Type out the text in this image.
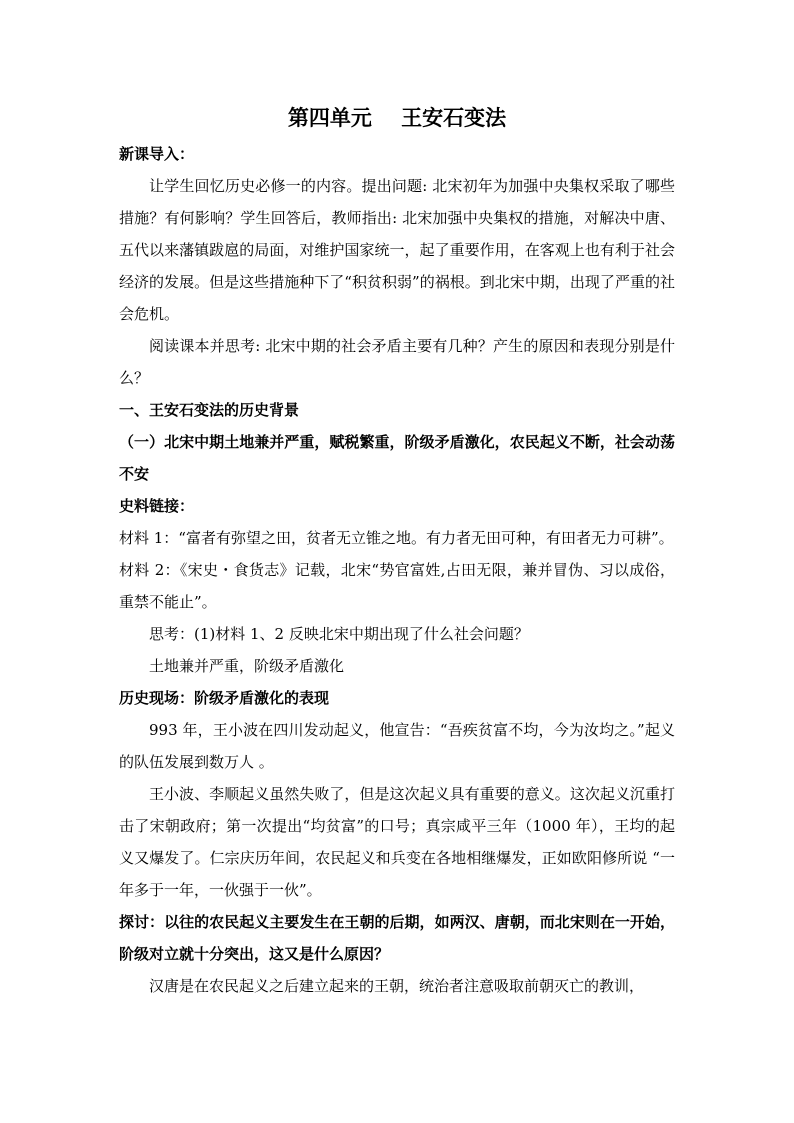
第四单元    王安石变法

新课导入：

让学生回忆历史必修一的内容。提出问题: 北宋初年为加强中央集权采取了哪些措施？有何影响？学生回答后，教师指出: 北宋加强中央集权的措施，对解决中唐、五代以来藩镇跋扈的局面，对维护国家统一，起了重要作用，在客观上也有利于社会经济的发展。但是这些措施种下了“积贫积弱”的祸根。到北宋中期，出现了严重的社会危机。

阅读课本并思考: 北宋中期的社会矛盾主要有几种？产生的原因和表现分别是什么？

一、王安石变法的历史背景

（一）北宋中期土地兼并严重，赋税繁重，阶级矛盾激化，农民起义不断，社会动荡不安

史料链接：

材料 1：“富者有弥望之田，贫者无立锥之地。有力者无田可种，有田者无力可耕”。

材料 2：《宋史・食货志》记载，北宋“势官富姓,占田无限，兼并冒伪、习以成俗，重禁不能止”。

思考：(1)材料 1、2 反映北宋中期出现了什么社会问题？

土地兼并严重，阶级矛盾激化

历史现场：阶级矛盾激化的表现

993 年，王小波在四川发动起义，他宣告：“吾疾贫富不均，今为汝均之。”起义的队伍发展到数万人 。

王小波、李顺起义虽然失败了，但是这次起义具有重要的意义。这次起义沉重打击了宋朝政府；第一次提出“均贫富”的口号；真宗咸平三年（1000 年），王均的起义又爆发了。仁宗庆历年间，农民起义和兵变在各地相继爆发，正如欧阳修所说 “一年多于一年，一伙强于一伙”。

探讨：以往的农民起义主要发生在王朝的后期，如两汉、唐朝，而北宋则在一开始，阶级对立就十分突出，这又是什么原因？

汉唐是在农民起义之后建立起来的王朝，统治者注意吸取前朝灭亡的教训，
